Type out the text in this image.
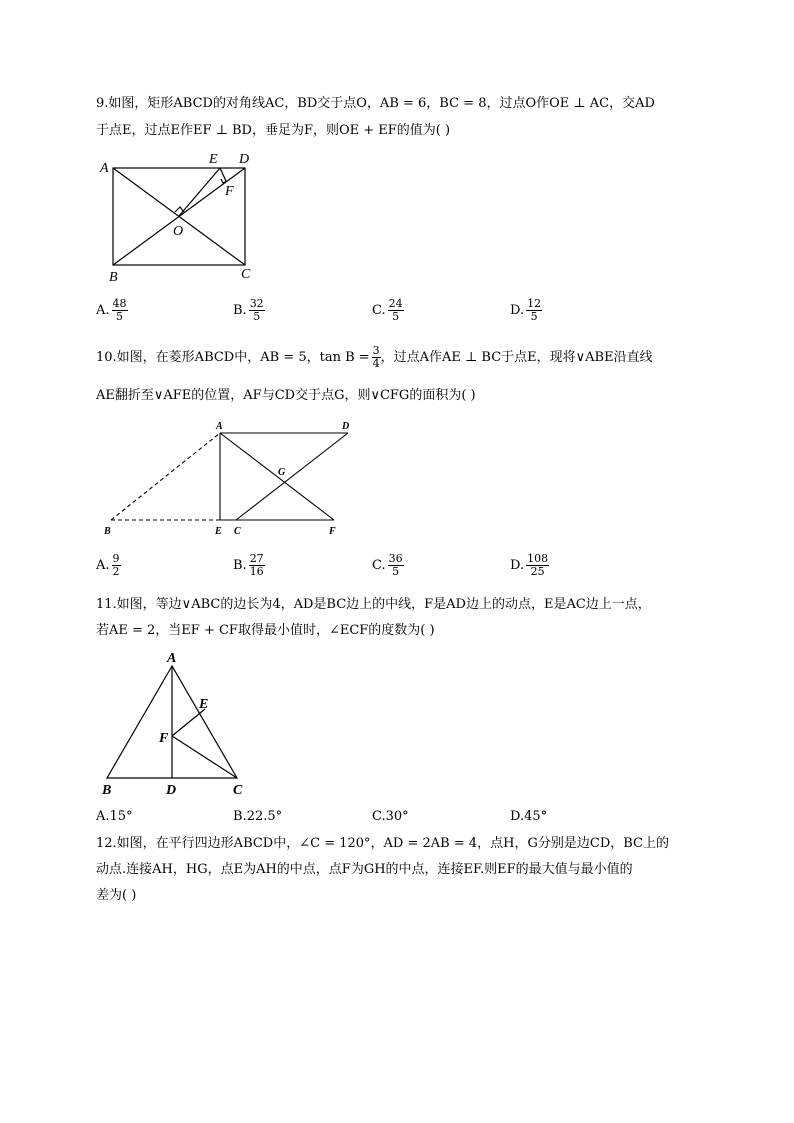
9.如图，矩形ABCD的对角线AC，BD交于点O，AB = 6，BC = 8，过点O作OE ⊥ AC，交AD
于点E，过点E作EF ⊥ BD，垂足为F，则OE + EF的值为( )
A
B	C
D
E
F
O
A. $\frac{48}{5}$	B. $\frac{32}{5}$	C. $\frac{24}{5}$	D. $\frac{12}{5}$
10.如图，在菱形ABCD中，AB = 5，$\tan B = \frac{3}{4}$ ，过点A作AE ⊥ BC于点E，现将∨ABE沿直线
AE翻折至∨AFE的位置，AF与CD交于点G，则∨CFG的面积为( )
A
B	C
D
E	F
G
A. $\frac{9}{2}$	B. $\frac{27}{16}$	C. $\frac{36}{5}$	D. $\frac{108}{25}$
11.如图，等边∨ABC的边长为4，AD是BC边上的中线，F是AD边上的动点，E是AC边上一点，
若AE = 2，当EF + CF取得最小值时，∠ECF的度数为( )
A
B	C
D
E
F
A.15°	B.22.5°	C.30°	D.45°
12.如图，在平行四边形ABCD中，∠C = 120°，AD = 2AB = 4，点H，G分别是边CD，BC上的
动点.连接AH，HG，点E为AH的中点，点F为GH的中点，连接EF.则EF的最大值与最小值的
差为( )
